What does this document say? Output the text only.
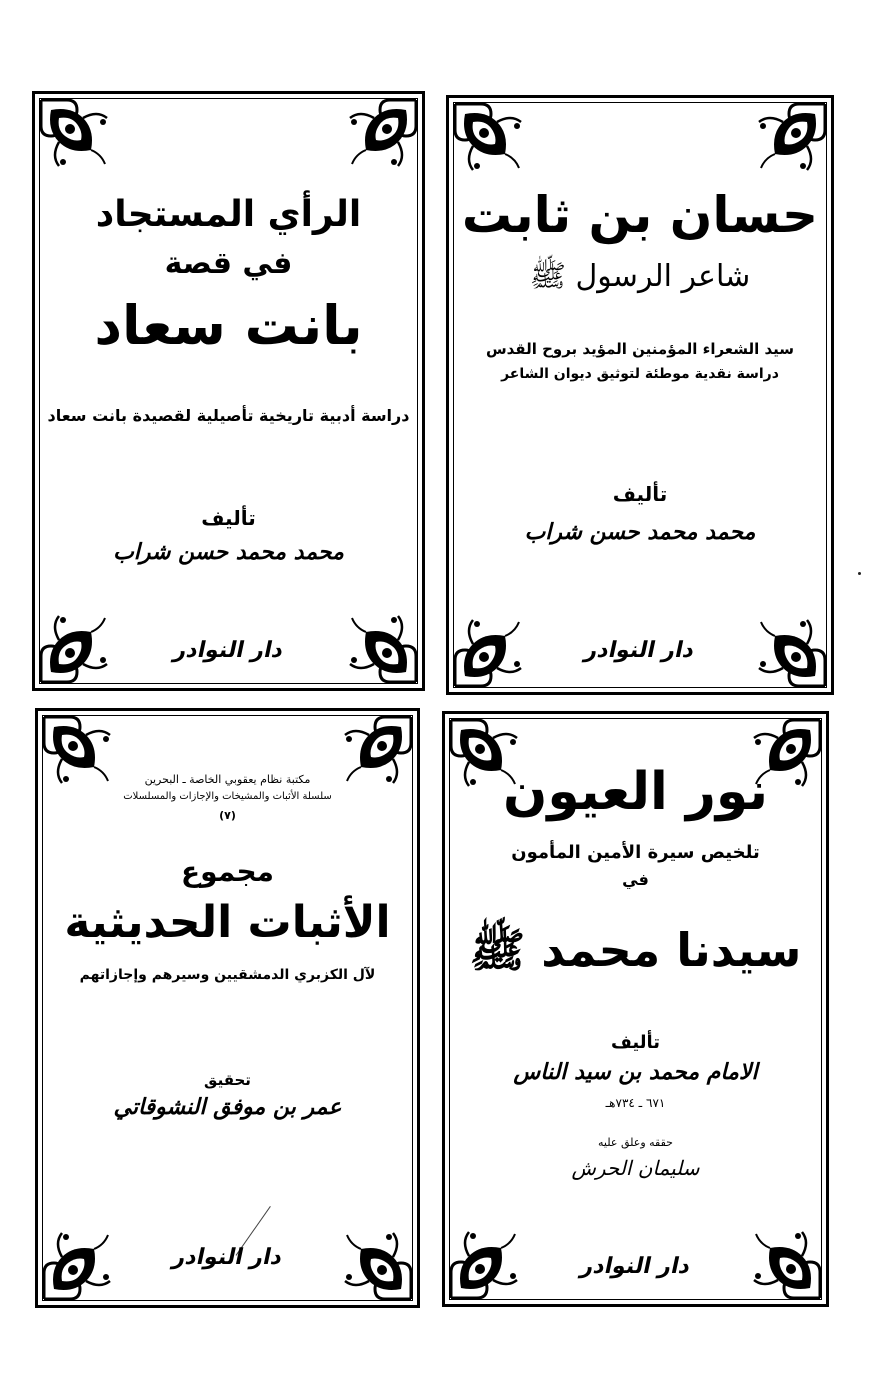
حسان بن ثابت
شاعر الرسول ﷺ
سيد الشعراء المؤمنين المؤيد بروح القدس
دراسة نقدية موطئة لتوثيق ديوان الشاعر
تأليف
محمد محمد حسن شراب
دار النوادر
الرأي المستجاد
في قصة
بانت سعاد
دراسة أدبية تاريخية تأصيلية لقصيدة بانت سعاد
تأليف
محمد محمد حسن شراب
دار النوادر
نور العيون
تلخيص سيرة الأمين المأمون
في
سيدنا محمد ﷺ
تأليف
الامام محمد بن سيد الناس
٦٧١ ـ ٧٣٤هـ
حققه وعلق عليه
سليمان الحرش
دار النوادر
مكتبة نظام يعقوبي الخاصة ـ البحرين
سلسلة الأثبات والمشيخات والإجازات والمسلسلات
(٧)
مجموع
الأثبات الحديثية
لآل الكزبري الدمشقيين وسيرهم وإجازاتهم
تحقيق
عمر بن موفق النشوقاتي
دار النوادر
